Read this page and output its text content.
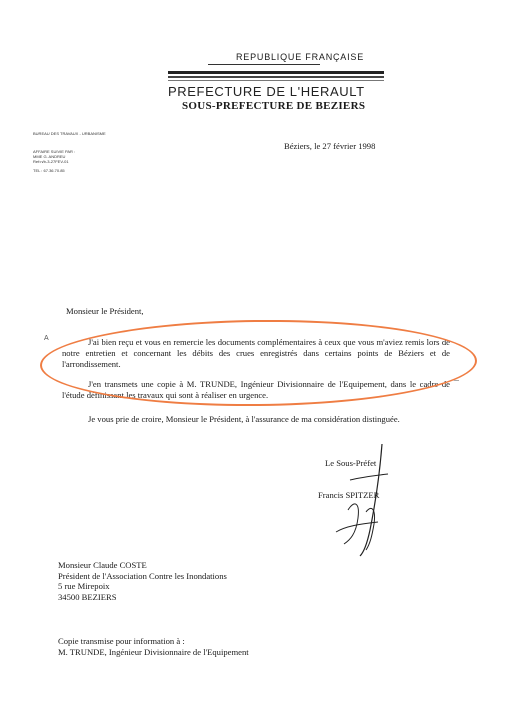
REPUBLIQUE FRANÇAISE
PREFECTURE DE L'HERAULT
SOUS-PREFECTURE DE BEZIERS
BUREAU DES TRAVAUX - URBANISME
AFFAIRE SUIVIE PAR :
MME G. ANDREU
Ref:n/b-3-27FEV-01
TEL : 67.36.70.85
Béziers, le 27 février 1998
Monsieur le Président,
A	J'ai bien reçu et vous en remercie les documents complémentaires à ceux que vous m'aviez remis lors de notre entretien et concernant les débits des crues enregistrés dans certains points de Béziers et de l'arrondissement.
J'en transmets une copie à M. TRUNDE, Ingénieur Divisionnaire de l'Equipement, dans le cadre de l'étude définissant les travaux qui sont à réaliser en urgence.
—
Je vous prie de croire, Monsieur le Président, à l'assurance de ma considération distinguée.
Le Sous-Préfet
Francis SPITZER
Monsieur Claude COSTE
Président de l'Association Contre les Inondations
5 rue Mirepoix
34500 BEZIERS
Copie transmise pour information à :
M. TRUNDE, Ingénieur Divisionnaire de l'Equipement
